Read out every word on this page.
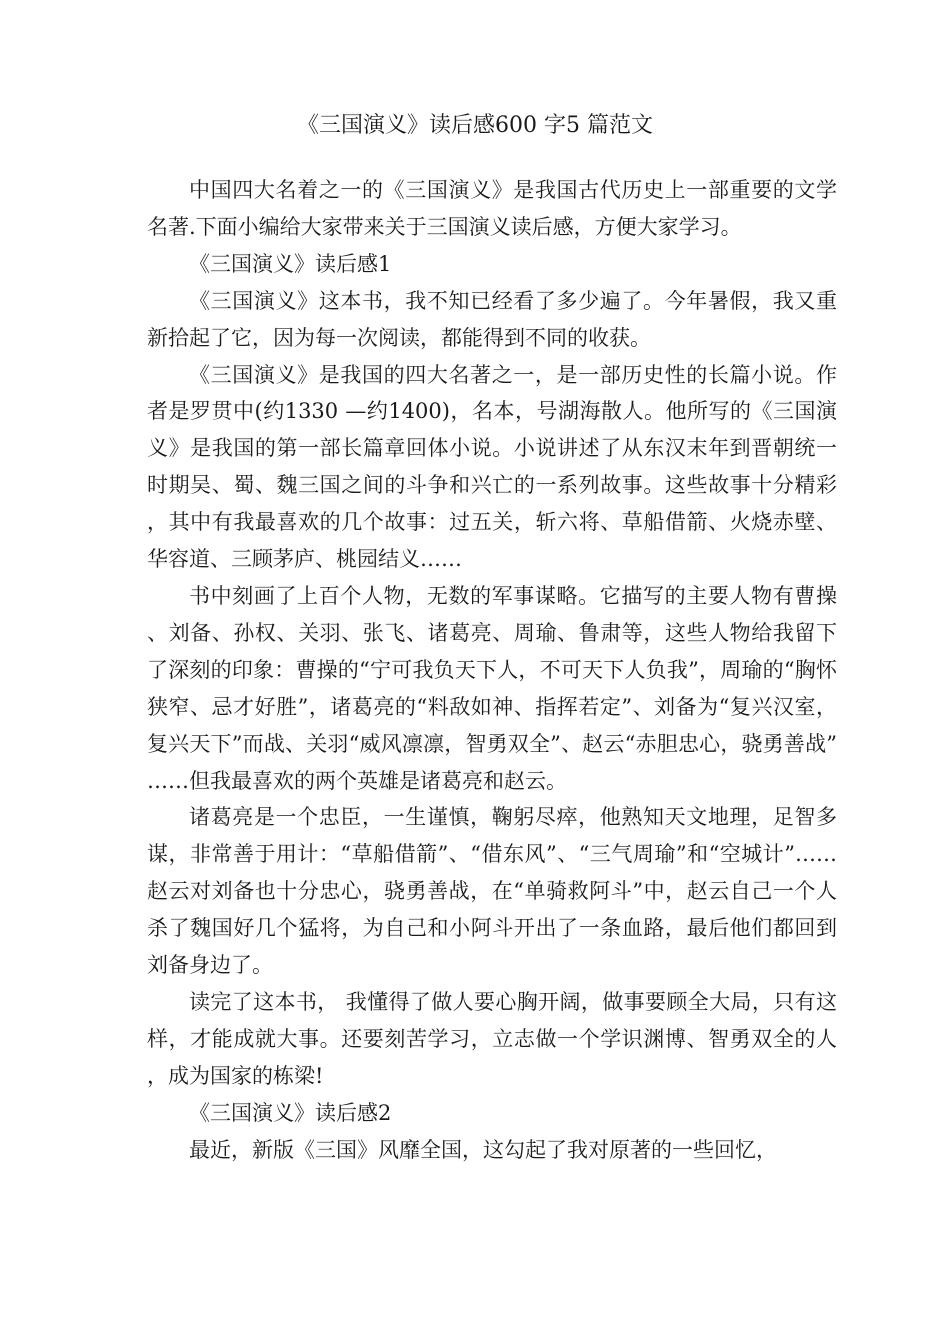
《三国演义》读后感600 字5 篇范文

中国四大名着之一的《三国演义》是我国古代历史上一部重要的文学名著.下面小编给大家带来关于三国演义读后感，方便大家学习。

《三国演义》读后感1

《三国演义》这本书，我不知已经看了多少遍了。今年暑假，我又重新拾起了它，因为每一次阅读，都能得到不同的收获。

《三国演义》是我国的四大名著之一，是一部历史性的长篇小说。作者是罗贯中(约1330 —约1400)，名本，号湖海散人。他所写的《三国演义》是我国的第一部长篇章回体小说。小说讲述了从东汉末年到晋朝统一时期吴、蜀、魏三国之间的斗争和兴亡的一系列故事。这些故事十分精彩，其中有我最喜欢的几个故事：过五关，斩六将、草船借箭、火烧赤壁、华容道、三顾茅庐、桃园结义……

书中刻画了上百个人物，无数的军事谋略。它描写的主要人物有曹操、刘备、孙权、关羽、张飞、诸葛亮、周瑜、鲁肃等，这些人物给我留下了深刻的印象：曹操的“宁可我负天下人，不可天下人负我”，周瑜的“胸怀狭窄、忌才好胜”，诸葛亮的“料敌如神、指挥若定”、刘备为“复兴汉室，复兴天下”而战、关羽“威风凛凛，智勇双全”、赵云“赤胆忠心，骁勇善战”……但我最喜欢的两个英雄是诸葛亮和赵云。

诸葛亮是一个忠臣，一生谨慎，鞠躬尽瘁，他熟知天文地理，足智多谋，非常善于用计：“草船借箭”、“借东风”、“三气周瑜”和“空城计”……赵云对刘备也十分忠心，骁勇善战，在“单骑救阿斗”中，赵云自己一个人杀了魏国好几个猛将，为自己和小阿斗开出了一条血路，最后他们都回到刘备身边了。

读完了这本书， 我懂得了做人要心胸开阔，做事要顾全大局，只有这样，才能成就大事。还要刻苦学习，立志做一个学识渊博、智勇双全的人，成为国家的栋梁!

《三国演义》读后感2

最近，新版《三国》风靡全国，这勾起了我对原著的一些回忆，
